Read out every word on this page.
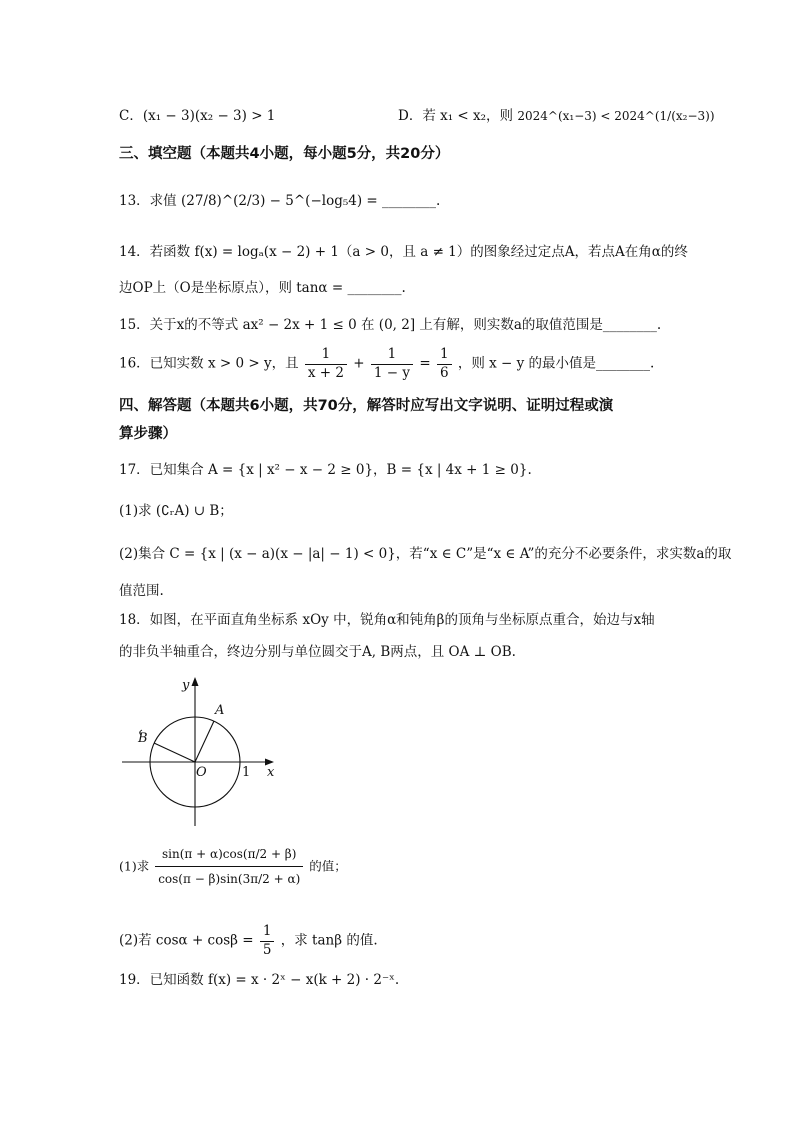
C．(x₁ − 3)(x₂ − 3) > 1	D．若 x₁ < x₂，则 2024^(x₁−3) < 2024^(1/(x₂−3))
三、填空题（本题共4小题，每小题5分，共20分）
13．求值 (27/8)^(2/3) − 5^(−log₅4) = ________.
14．若函数 f(x) = logₐ(x − 2) + 1（a > 0，且 a ≠ 1）的图象经过定点A，若点A在角α的终
边OP上（O是坐标原点），则 tanα = ________.
15．关于x的不等式 ax² − 2x + 1 ≤ 0 在 (0, 2] 上有解，则实数a的取值范围是________.
16．已知实数 x > 0 > y，且 $\frac{1}{x + 2} + \frac{1}{1 - y} = \frac{1}{6}$ ，则 x − y 的最小值是________.
四、解答题（本题共6小题，共70分，解答时应写出文字说明、证明过程或演
算步骤）
17．已知集合 A = {x | x² − x − 2 ≥ 0}，B = {x | 4x + 1 ≥ 0}.
(1)求 (∁ᵣA) ∪ B；
(2)集合 C = {x | (x − a)(x − |a| − 1) < 0}，若“x ∈ C”是“x ∈ A”的充分不必要条件，求实数a的取
值范围.
18．如图，在平面直角坐标系 xOy 中，锐角α和钝角β的顶角与坐标原点重合，始边与x轴
的非负半轴重合，终边分别与单位圆交于A, B两点，且 OA ⊥ OB.
y
x
O	1
A
B
(1)求 $\frac{\sin(\pi + \alpha)\cos(\pi/2 + \beta)}{\cos(\pi - \beta)\sin(3\pi/2 + \alpha)}$ 的值；
(2)若 $\cos\alpha + \cos\beta = \frac{1}{5}$ ，求 tanβ 的值.
19．已知函数 f(x) = x · 2ˣ − x(k + 2) · 2⁻ˣ.
